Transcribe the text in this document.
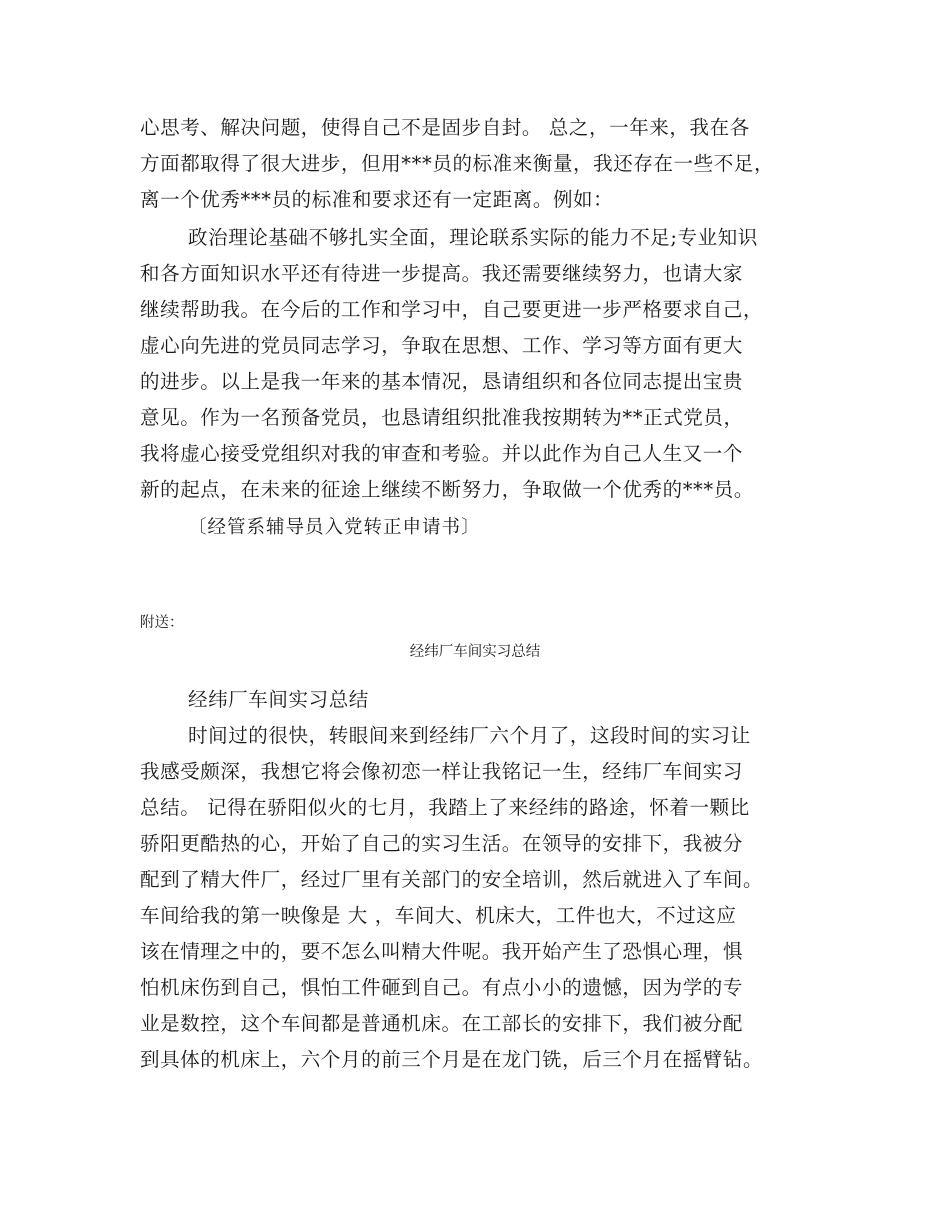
心思考、解决问题，使得自己不是固步自封。 总之，一年来，我在各
方面都取得了很大进步，但用***员的标准来衡量，我还存在一些不足，
离一个优秀***员的标准和要求还有一定距离。例如：
政治理论基础不够扎实全面，理论联系实际的能力不足;专业知识
和各方面知识水平还有待进一步提高。我还需要继续努力，也请大家
继续帮助我。在今后的工作和学习中，自己要更进一步严格要求自己，
虚心向先进的党员同志学习，争取在思想、工作、学习等方面有更大
的进步。以上是我一年来的基本情况，恳请组织和各位同志提出宝贵
意见。作为一名预备党员，也恳请组织批准我按期转为**正式党员，
我将虚心接受党组织对我的审查和考验。并以此作为自己人生又一个
新的起点，在未来的征途上继续不断努力，争取做一个优秀的***员。
〔经管系辅导员入党转正申请书〕
附送：
经纬厂车间实习总结
经纬厂车间实习总结
时间过的很快，转眼间来到经纬厂六个月了，这段时间的实习让
我感受颇深，我想它将会像初恋一样让我铭记一生，经纬厂车间实习
总结。 记得在骄阳似火的七月，我踏上了来经纬的路途，怀着一颗比
骄阳更酷热的心，开始了自己的实习生活。在领导的安排下，我被分
配到了精大件厂，经过厂里有关部门的安全培训，然后就进入了车间。
车间给我的第一映像是 大 ，车间大、机床大，工件也大，不过这应
该在情理之中的，要不怎么叫精大件呢。我开始产生了恐惧心理，惧
怕机床伤到自己，惧怕工件砸到自己。有点小小的遗憾，因为学的专
业是数控，这个车间都是普通机床。在工部长的安排下，我们被分配
到具体的机床上，六个月的前三个月是在龙门铣，后三个月在摇臂钻。
